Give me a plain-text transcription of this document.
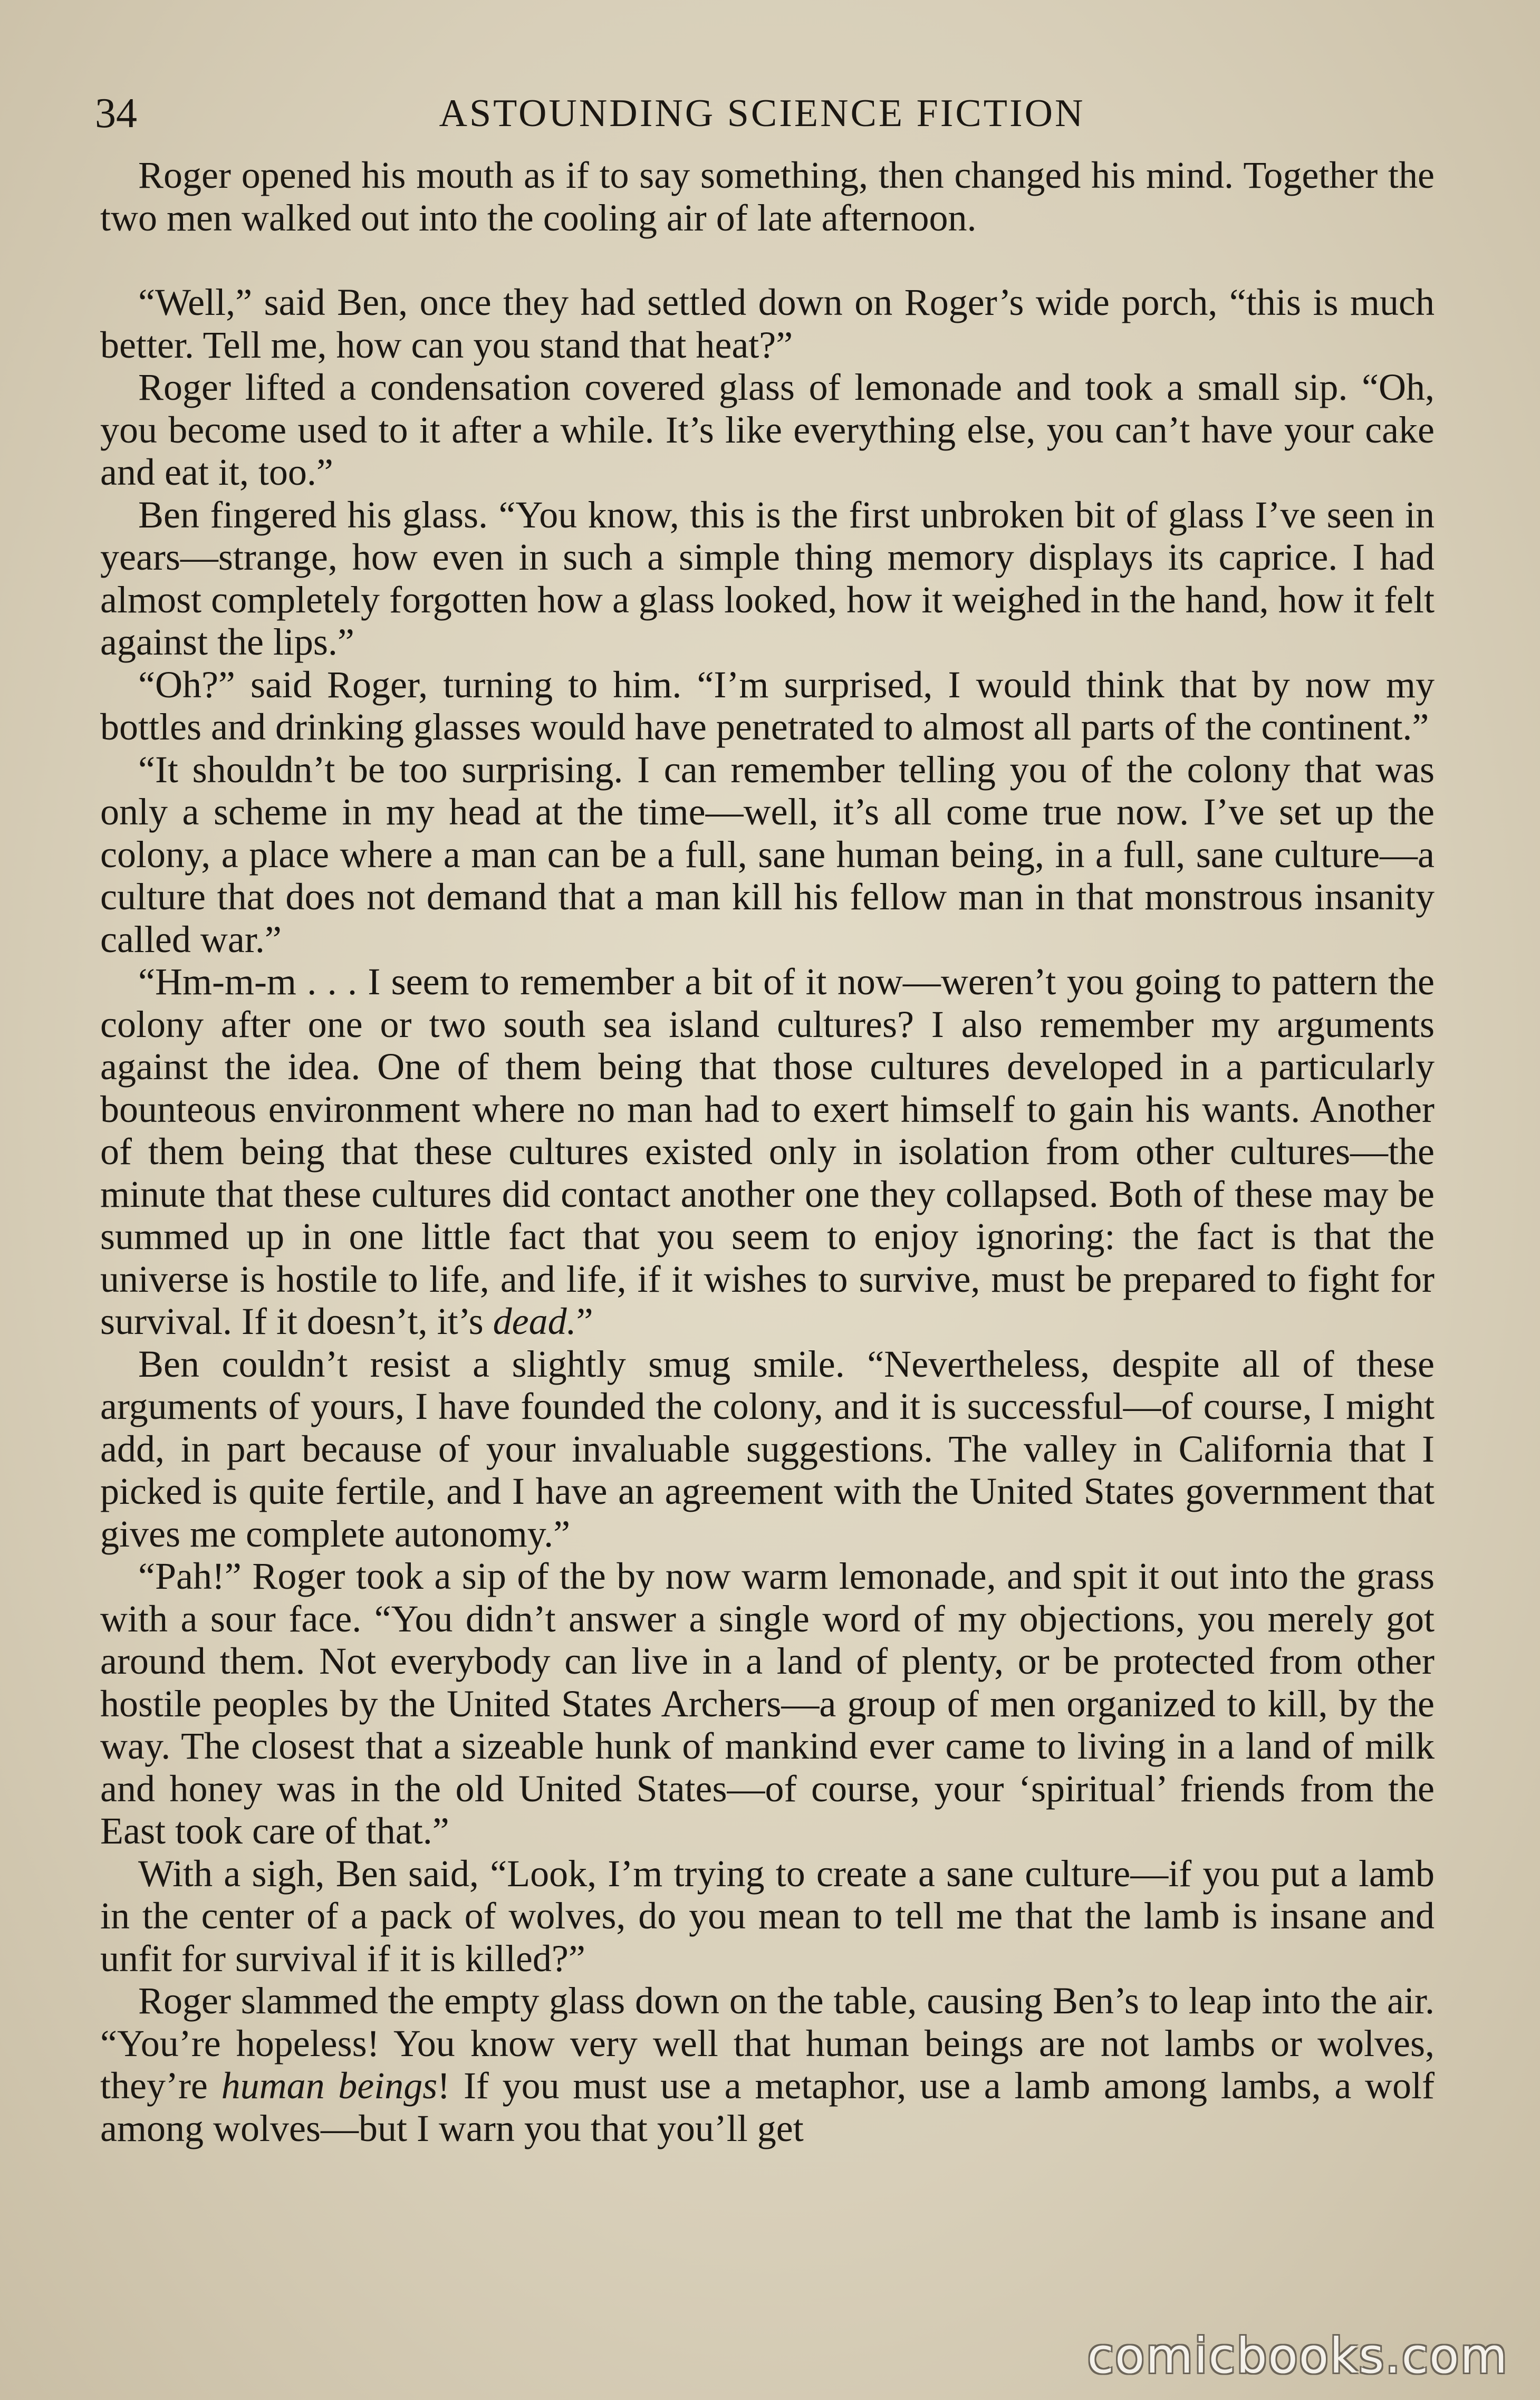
34	ASTOUNDING SCIENCE FICTION

Roger opened his mouth as if to say something, then changed his mind. Together the two men walked out into the cooling air of late afternoon.

“Well,” said Ben, once they had settled down on Roger’s wide porch, “this is much better. Tell me, how can you stand that heat?”

Roger lifted a condensation covered glass of lemonade and took a small sip. “Oh, you become used to it after a while. It’s like everything else, you can’t have your cake and eat it, too.”

Ben fingered his glass. “You know, this is the first unbroken bit of glass I’ve seen in years—strange, how even in such a simple thing memory displays its caprice. I had almost completely forgotten how a glass looked, how it weighed in the hand, how it felt against the lips.”

“Oh?” said Roger, turning to him. “I’m surprised, I would think that by now my bottles and drinking glasses would have penetrated to almost all parts of the continent.”

“It shouldn’t be too surprising. I can remember telling you of the colony that was only a scheme in my head at the time—well, it’s all come true now. I’ve set up the colony, a place where a man can be a full, sane human being, in a full, sane culture—a culture that does not demand that a man kill his fellow man in that monstrous insanity called war.”

“Hm-m-m . . . I seem to remember a bit of it now—weren’t you going to pattern the colony after one or two south sea island cultures? I also remember my arguments against the idea. One of them being that those cultures developed in a particularly bounteous environment where no man had to exert himself to gain his wants. Another of them being that these cultures existed only in isolation from other cultures—the minute that these cultures did contact another one they collapsed. Both of these may be summed up in one little fact that you seem to enjoy ignoring: the fact is that the universe is hostile to life, and life, if it wishes to survive, must be prepared to fight for survival. If it doesn’t, it’s dead.”

Ben couldn’t resist a slightly smug smile. “Nevertheless, despite all of these arguments of yours, I have founded the colony, and it is successful—of course, I might add, in part because of your invaluable suggestions. The valley in California that I picked is quite fertile, and I have an agreement with the United States government that gives me complete autonomy.”

“Pah!” Roger took a sip of the by now warm lemonade, and spit it out into the grass with a sour face. “You didn’t answer a single word of my objections, you merely got around them. Not everybody can live in a land of plenty, or be protected from other hostile peoples by the United States Archers—a group of men organized to kill, by the way. The closest that a sizeable hunk of mankind ever came to living in a land of milk and honey was in the old United States—of course, your ‘spiritual’ friends from the East took care of that.”

With a sigh, Ben said, “Look, I’m trying to create a sane culture—if you put a lamb in the center of a pack of wolves, do you mean to tell me that the lamb is insane and unfit for survival if it is killed?”

Roger slammed the empty glass down on the table, causing Ben’s to leap into the air. “You’re hopeless! You know very well that human beings are not lambs or wolves, they’re human beings! If you must use a metaphor, use a lamb among lambs, a wolf among wolves—but I warn you that you’ll get

comicbooks.com
